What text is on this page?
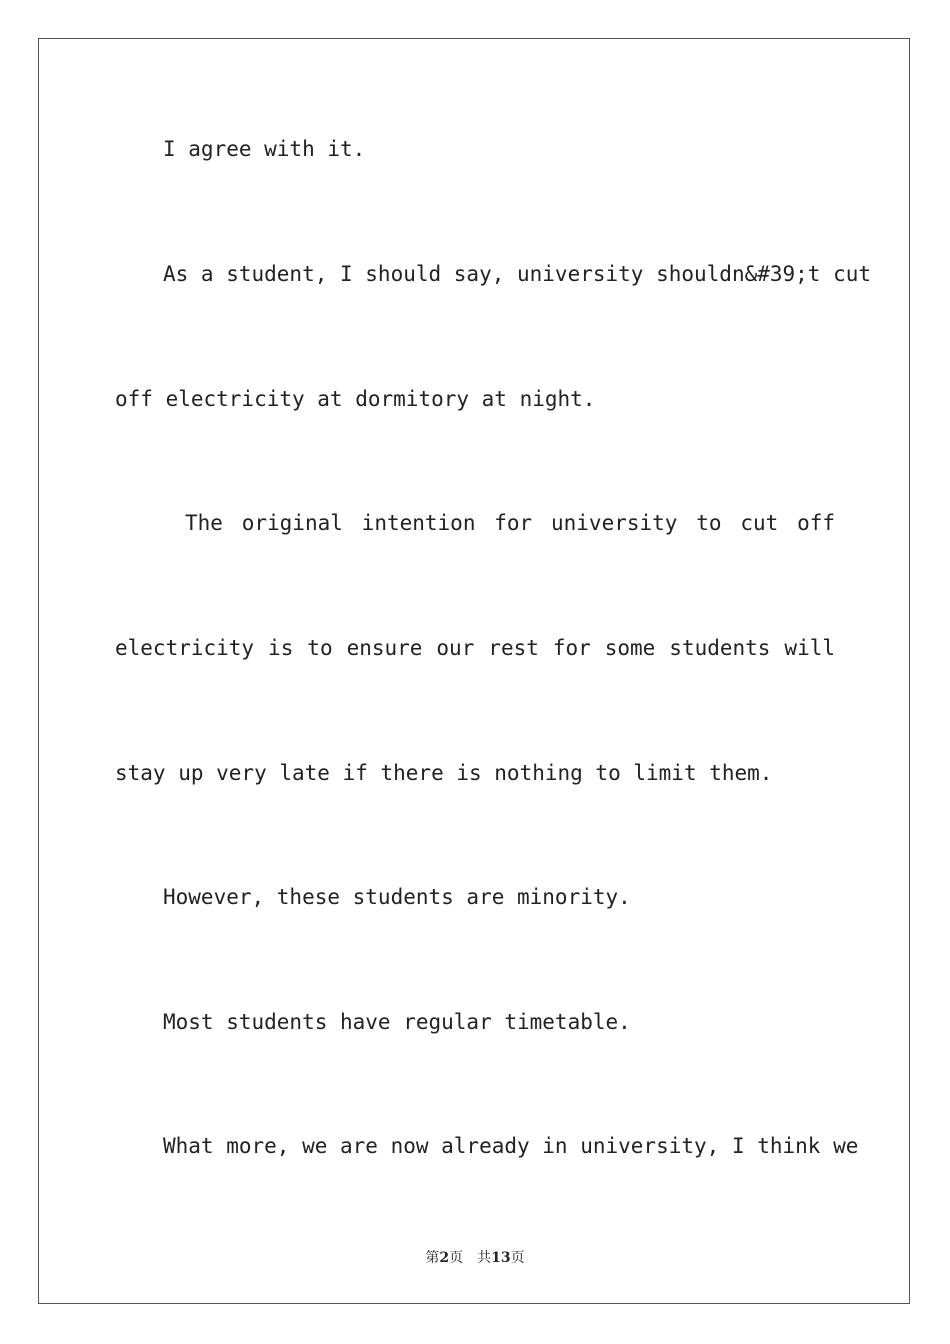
I agree with it.
As a student, I should say, university shouldn&#39;t cut
off electricity at dormitory at night.
The original intention for university to cut off
electricity is to ensure our rest for some students will
stay up very late if there is nothing to limit them.
However, these students are minority.
Most students have regular timetable.
What more, we are now already in university, I think we
第2页 共13页
